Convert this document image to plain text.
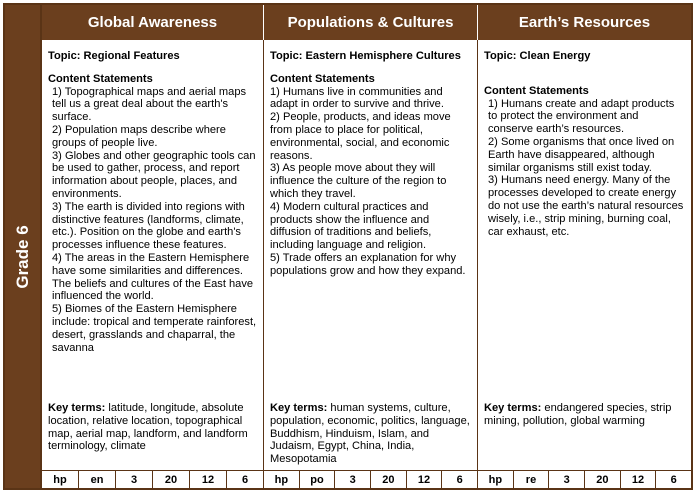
Grade 6
Global Awareness	Populations & Cultures	Earth’s Resources
Topic: Regional Features
Content Statements
1) Topographical maps and aerial maps tell us a great deal about the earth's surface.
2) Population maps describe where groups of people live.
3) Globes and other geographic tools can be used to gather, process, and report information about people, places, and environments.
3) The earth is divided into regions with distinctive features (landforms, climate, etc.). Position on the globe and earth's processes influence these features.
4) The areas in the Eastern Hemisphere have some similarities and differences. The beliefs and cultures of the East have influenced the world.
5) Biomes of the Eastern Hemisphere include: tropical and temperate rainforest, desert, grasslands and chaparral, the savanna
Key terms: latitude, longitude, absolute location, relative location, topographical map, aerial map, landform, and landform terminology, climate
Topic: Eastern Hemisphere Cultures
Content Statements
1) Humans live in communities and adapt in order to survive and thrive.
2) People, products, and ideas move from place to place for political, environmental, social, and economic reasons.
3) As people move about they will influence the culture of the region to which they travel.
4) Modern cultural practices and products show the influence and diffusion of traditions and beliefs, including language and religion.
5) Trade offers an explanation for why populations grow and how they expand.
Key terms: human systems, culture, population, economic, politics, language, Buddhism, Hinduism, Islam, and Judaism, Egypt, China, India, Mesopotamia
Topic: Clean Energy
Content Statements
1) Humans create and adapt products to protect the environment and conserve earth’s resources.
2) Some organisms that once lived on Earth have disappeared, although similar organisms still exist today.
3) Humans need energy. Many of the processes developed to create energy do not use the earth’s natural resources wisely, i.e., strip mining, burning coal, car exhaust, etc.
Key terms: endangered species, strip mining, pollution, global warming
hp	en	3	20	12	6	hp	po	3	20	12	6	hp	re	3	20	12	6
